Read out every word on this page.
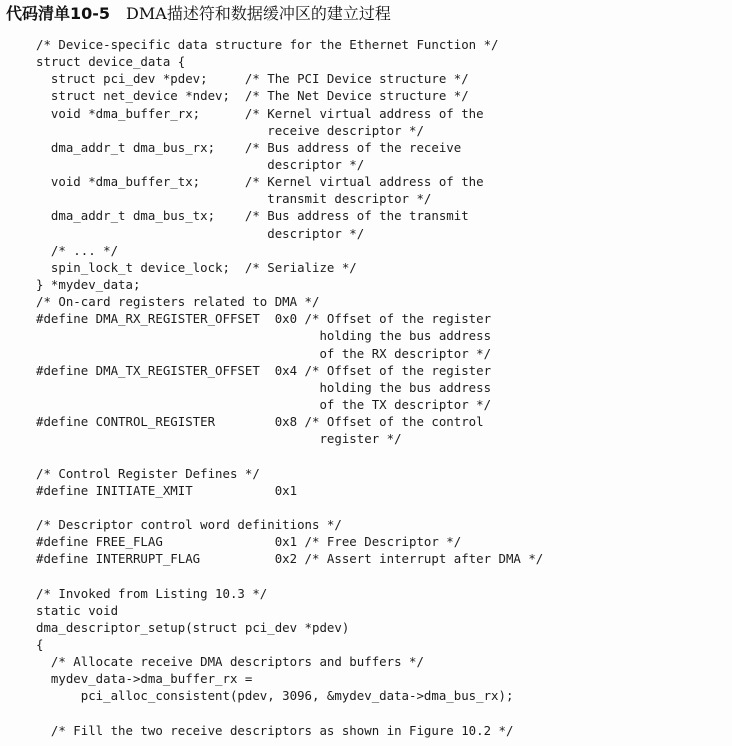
代码清单10-5 DMA描述符和数据缓冲区的建立过程
/* Device-specific data structure for the Ethernet Function */
struct device_data {
struct pci_dev *pdev;     /* The PCI Device structure */
struct net_device *ndev;  /* The Net Device structure */
void *dma_buffer_rx;      /* Kernel virtual address of the
receive descriptor */
dma_addr_t dma_bus_rx;    /* Bus address of the receive
descriptor */
void *dma_buffer_tx;      /* Kernel virtual address of the
transmit descriptor */
dma_addr_t dma_bus_tx;    /* Bus address of the transmit
descriptor */
/* ... */
spin_lock_t device_lock;  /* Serialize */
} *mydev_data;
/* On-card registers related to DMA */
#define DMA_RX_REGISTER_OFFSET  0x0 /* Offset of the register
holding the bus address
of the RX descriptor */
#define DMA_TX_REGISTER_OFFSET  0x4 /* Offset of the register
holding the bus address
of the TX descriptor */
#define CONTROL_REGISTER        0x8 /* Offset of the control
register */
/* Control Register Defines */
#define INITIATE_XMIT           0x1
/* Descriptor control word definitions */
#define FREE_FLAG               0x1 /* Free Descriptor */
#define INTERRUPT_FLAG          0x2 /* Assert interrupt after DMA */
/* Invoked from Listing 10.3 */
static void
dma_descriptor_setup(struct pci_dev *pdev)
{
/* Allocate receive DMA descriptors and buffers */
mydev_data->dma_buffer_rx =
pci_alloc_consistent(pdev, 3096, &mydev_data->dma_bus_rx);
/* Fill the two receive descriptors as shown in Figure 10.2 */
